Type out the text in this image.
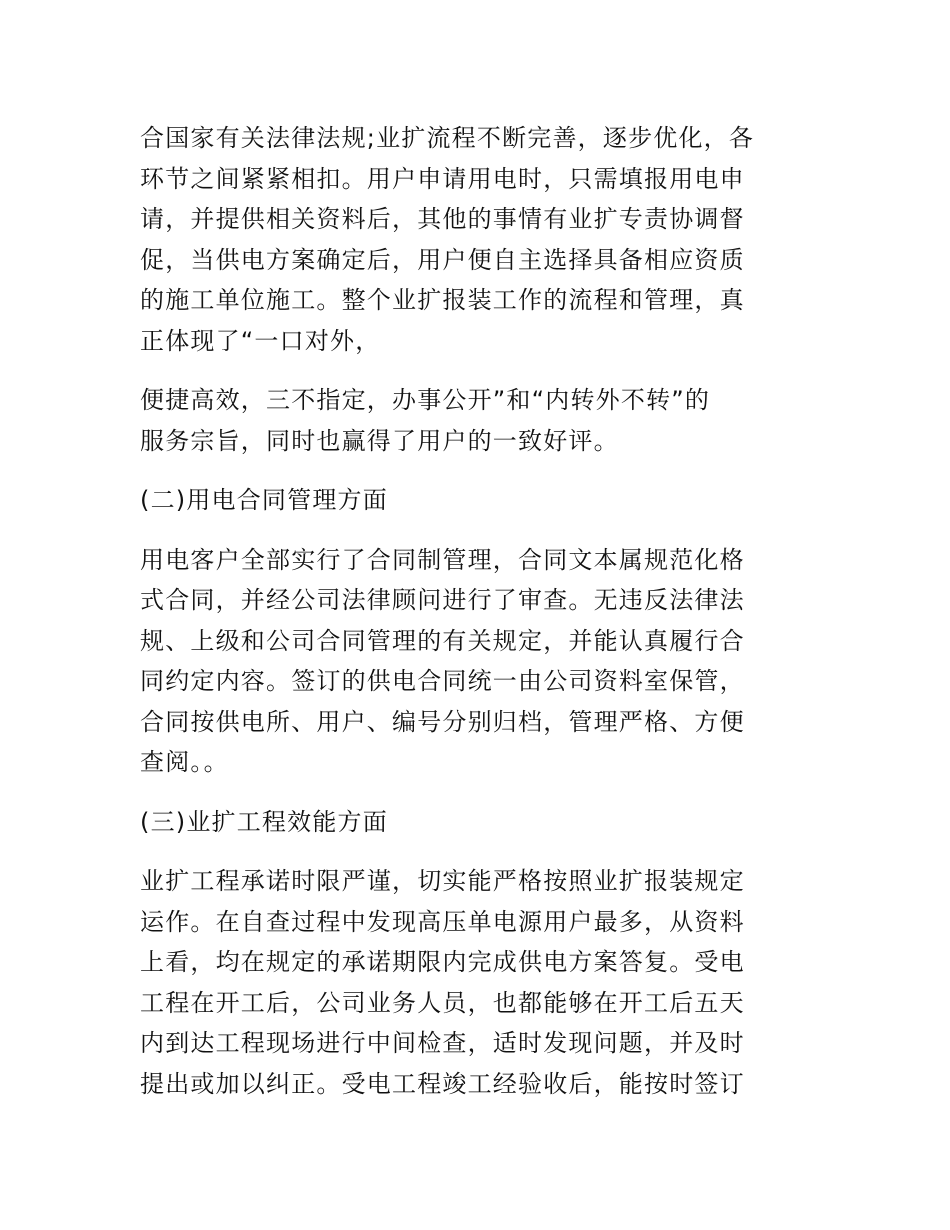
合国家有关法律法规;业扩流程不断完善，逐步优化，各
环节之间紧紧相扣。用户申请用电时，只需填报用电申
请，并提供相关资料后，其他的事情有业扩专责协调督
促，当供电方案确定后，用户便自主选择具备相应资质
的施工单位施工。整个业扩报装工作的流程和管理，真
正体现了“一口对外，

便捷高效，三不指定，办事公开”和“内转外不转”的
服务宗旨，同时也赢得了用户的一致好评。

(二)用电合同管理方面

用电客户全部实行了合同制管理，合同文本属规范化格
式合同，并经公司法律顾问进行了审查。无违反法律法
规、上级和公司合同管理的有关规定，并能认真履行合
同约定内容。签订的供电合同统一由公司资料室保管，
合同按供电所、用户、编号分别归档，管理严格、方便
查阅。。

(三)业扩工程效能方面

业扩工程承诺时限严谨，切实能严格按照业扩报装规定
运作。在自查过程中发现高压单电源用户最多，从资料
上看，均在规定的承诺期限内完成供电方案答复。受电
工程在开工后，公司业务人员，也都能够在开工后五天
内到达工程现场进行中间检查，适时发现问题，并及时
提出或加以纠正。受电工程竣工经验收后，能按时签订
